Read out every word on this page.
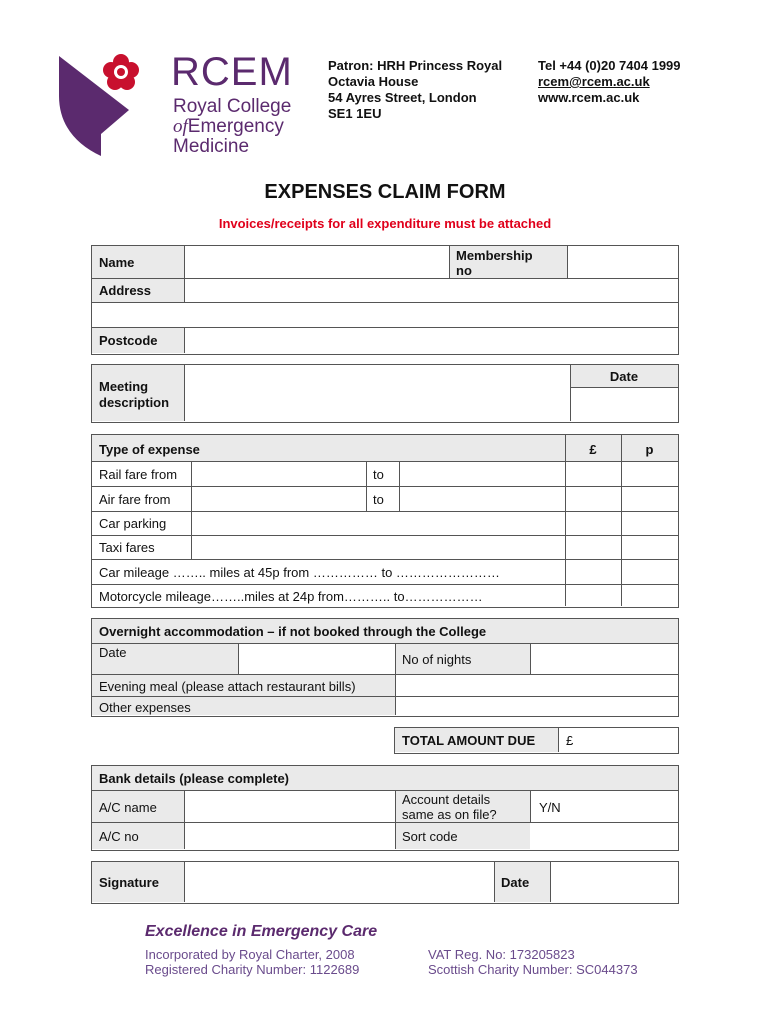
RCEM
Royal College
ofEmergency
Medicine
Patron: HRH Princess Royal
Octavia House
54 Ayres Street, London
SE1 1EU
Tel +44 (0)20 7404 1999
rcem@rcem.ac.uk
www.rcem.ac.uk
EXPENSES CLAIM FORM
Invoices/receipts for all expenditure must be attached
Name	Membership
no
Address
Postcode
Meeting
description
Date
Type of expense	£	p
Rail fare from	to
Air fare from	to
Car parking
Taxi fares
Car mileage …….. miles at 45p from …………… to ……………………
Motorcycle mileage……..miles at 24p from……….. to………………
Overnight accommodation – if not booked through the College
Date	No of nights
Evening meal (please attach restaurant bills)
Other expenses
TOTAL AMOUNT DUE £
Bank details (please complete)
A/C name
Account details
same as on file?	Y/N
A/C no	Sort code
Signature	Date
Excellence in Emergency Care
Incorporated by Royal Charter, 2008
Registered Charity Number: 1122689
VAT Reg. No: 173205823
Scottish Charity Number: SC044373
